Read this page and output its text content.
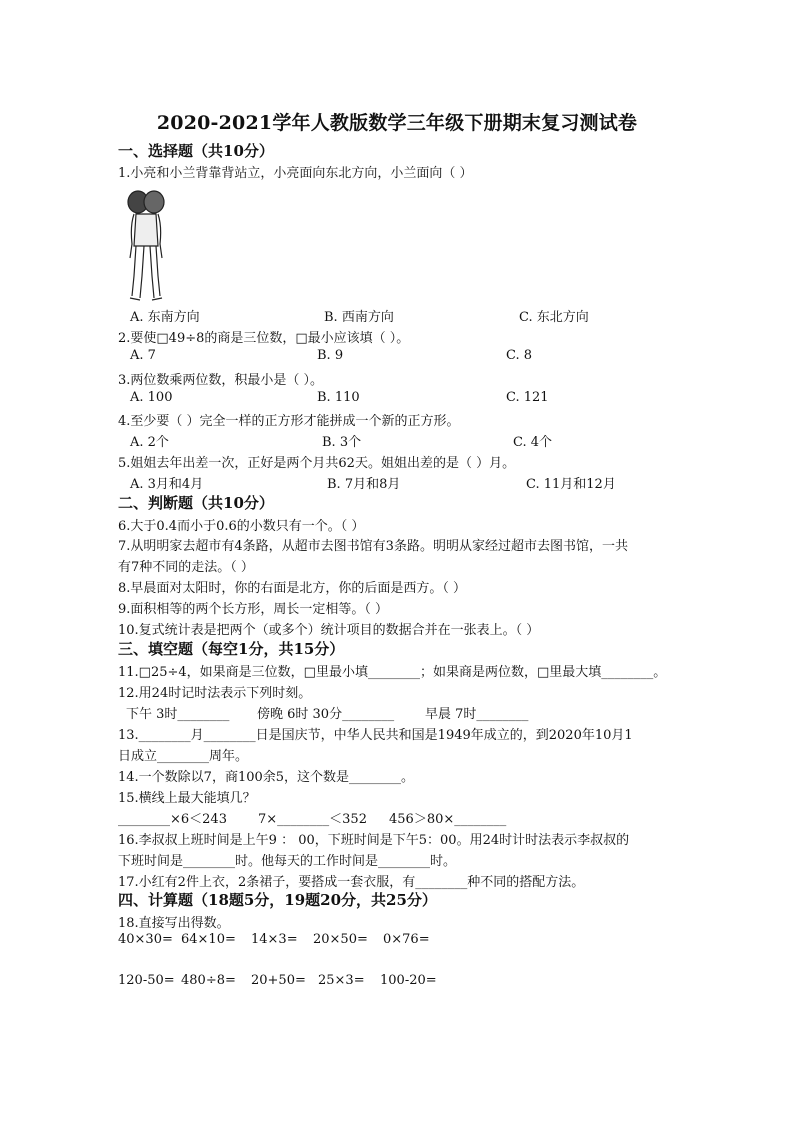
2020-2021学年人教版数学三年级下册期末复习测试卷
一、选择题（共10分）
1.小亮和小兰背靠背站立，小亮面向东北方向，小兰面向（ ）
A. 东南方向	B. 西南方向	C. 东北方向
2.要使□49÷8的商是三位数，□最小应该填（ ）。
A. 7	B. 9	C. 8
3.两位数乘两位数，积最小是（ ）。
A. 100	B. 110	C. 121
4.至少要（ ）完全一样的正方形才能拼成一个新的正方形。
A. 2个	B. 3个	C. 4个
5.姐姐去年出差一次，正好是两个月共62天。姐姐出差的是（ ）月。
A. 3月和4月	B. 7月和8月	C. 11月和12月
二、判断题（共10分）
6.大于0.4而小于0.6的小数只有一个。（ ）
7.从明明家去超市有4条路，从超市去图书馆有3条路。明明从家经过超市去图书馆，一共
有7种不同的走法。（ ）
8.早晨面对太阳时，你的右面是北方，你的后面是西方。（ ）
9.面积相等的两个长方形，周长一定相等。（ ）
10.复式统计表是把两个（或多个）统计项目的数据合并在一张表上。（ ）
三、填空题（每空1分，共15分）
11.□25÷4，如果商是三位数，□里最小填________；如果商是两位数，□里最大填________。
12.用24时记时法表示下列时刻。
下午 3时________ 傍晚 6时 30分________ 早晨 7时________
13.________月________日是国庆节，中华人民共和国是1949年成立的，到2020年10月1
日成立________周年。
14.一个数除以7，商100余5，这个数是________。
15.横线上最大能填几？
________×6＜243 7×________＜352 456＞80×________
16.李叔叔上班时间是上午9 ： 00，下班时间是下午5：00。用24时计时法表示李叔叔的
下班时间是________时。他每天的工作时间是________时。
17.小红有2件上衣，2条裙子，要搭成一套衣服，有________种不同的搭配方法。
四、计算题（18题5分，19题20分，共25分）
18.直接写出得数。
40×30= 64×10= 14×3= 20×50= 0×76=
120-50= 480÷8= 20+50= 25×3= 100-20=
